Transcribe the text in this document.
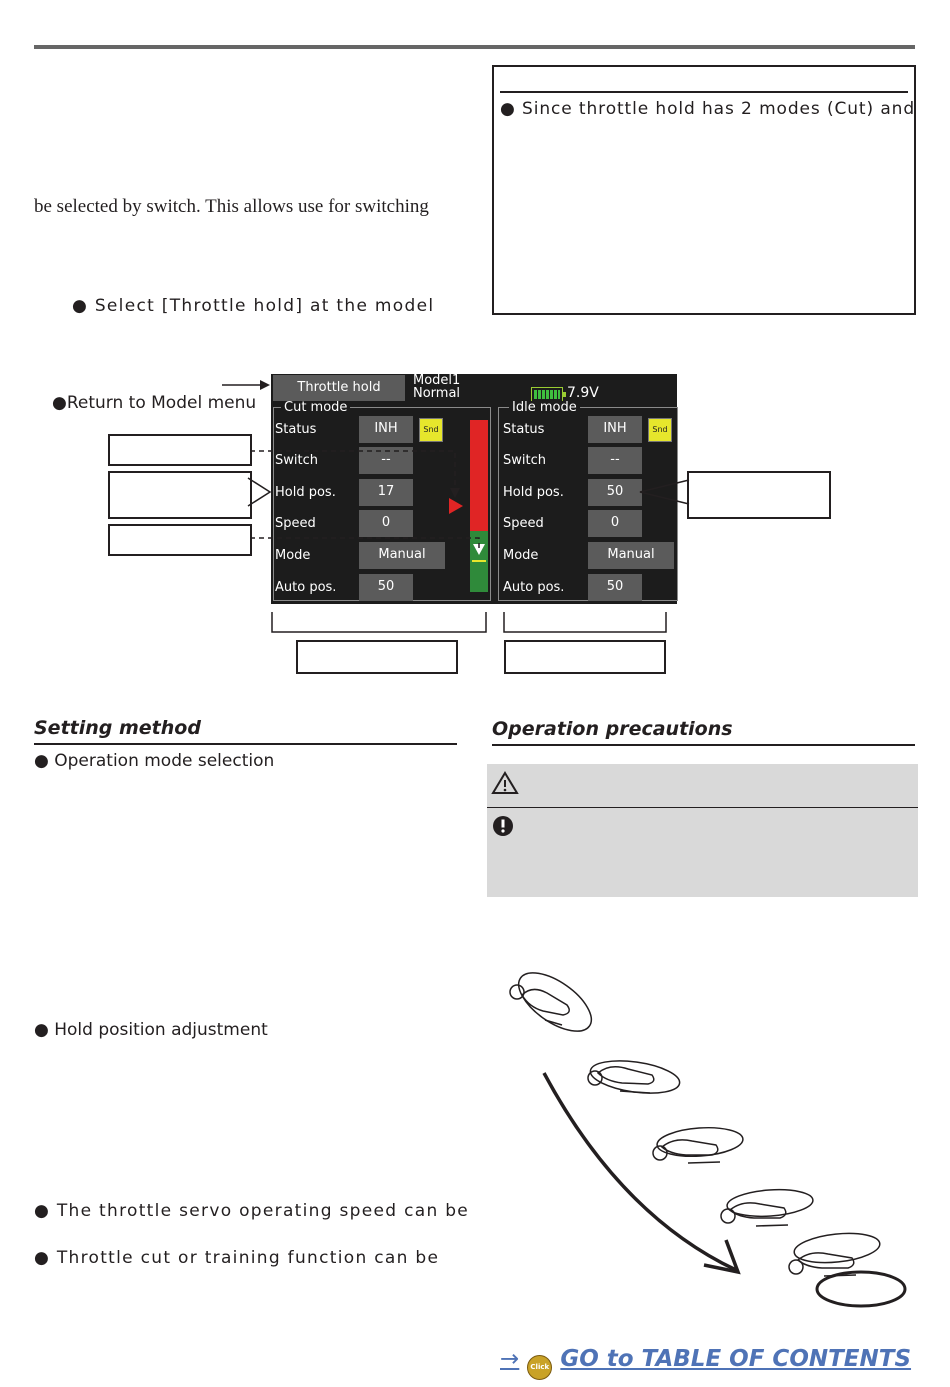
be selected by switch. This allows use for switching
● Select [Throttle hold] at the model
● Since throttle hold has 2 modes (Cut) and
●Return to Model menu
Throttle hold	Model1
Normal	7.9V
Cut mode
Status	INH	Snd
Switch	--
Hold pos.	17
Speed	0
Mode	Manual
Auto pos.	50
Idle mode
Status	INH	Snd
Switch	--
Hold pos.	50
Speed	0
Mode	Manual
Auto pos.	50
Setting method
● Operation mode selection
● Hold position adjustment
● The throttle servo operating speed can be
● Throttle cut or training function can be
Operation precautions
→ Click GO to TABLE OF CONTENTS
